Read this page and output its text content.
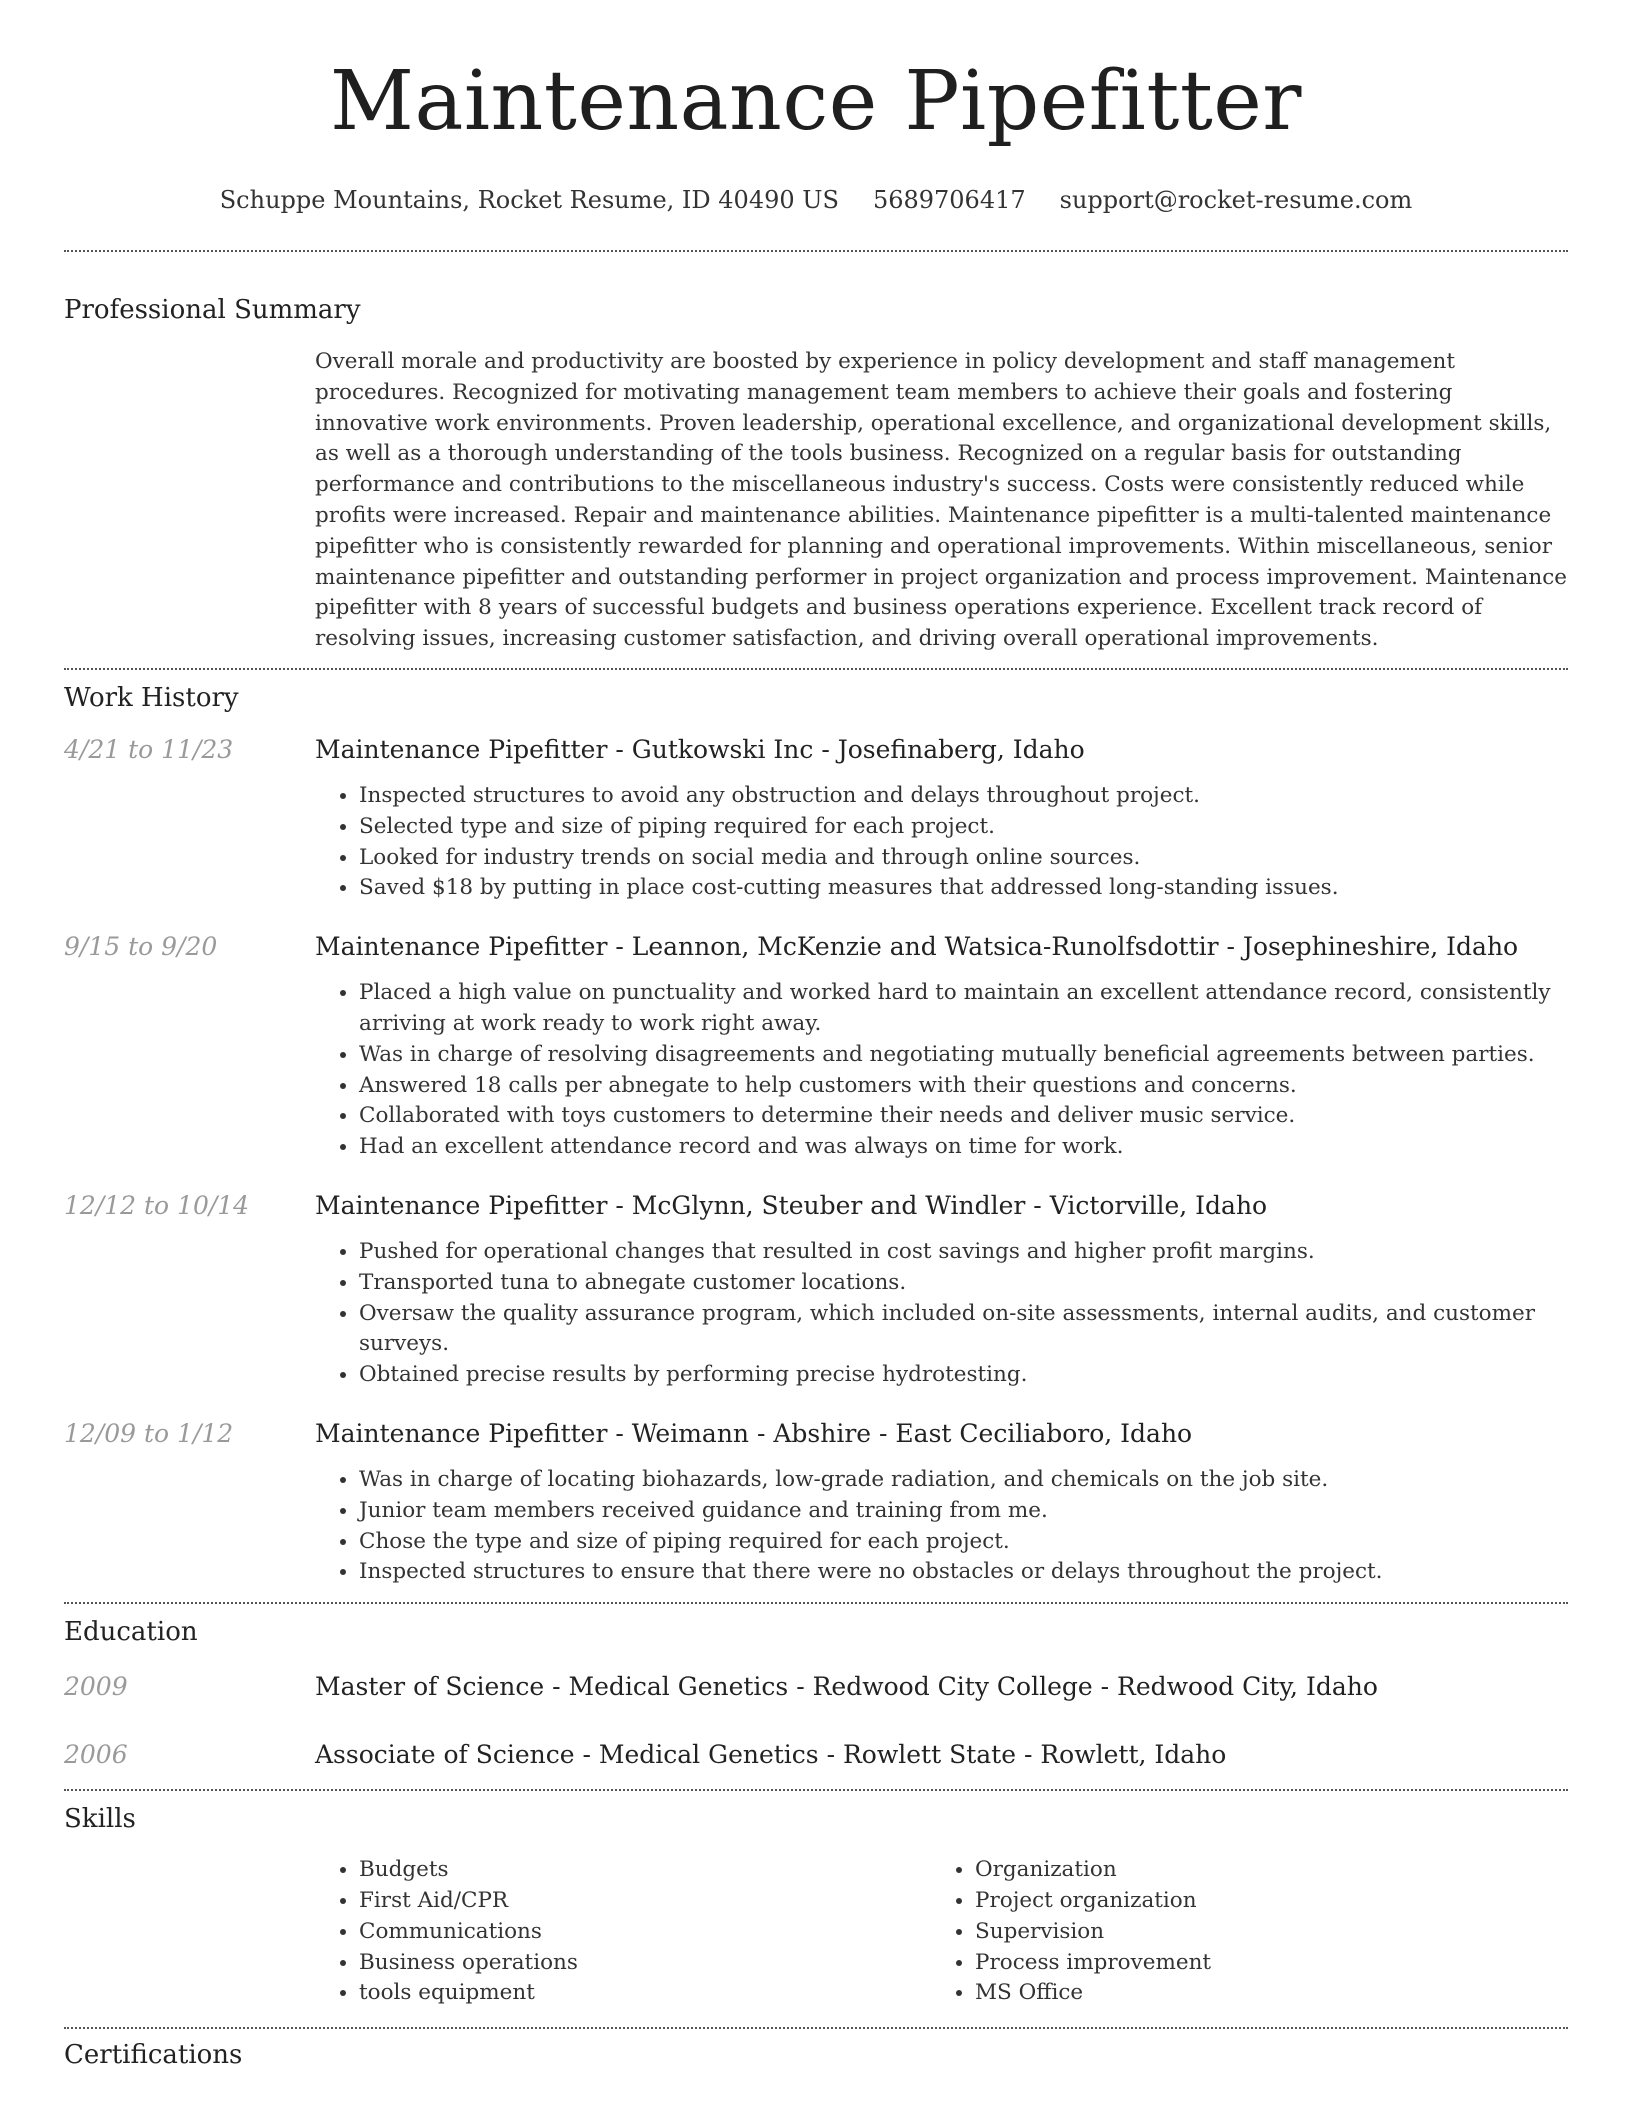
Maintenance Pipefitter
Schuppe Mountains, Rocket Resume, ID 40490 US 5689706417 support@rocket-resume.com
Professional Summary

Overall morale and productivity are boosted by experience in policy development and staff management procedures. Recognized for motivating management team members to achieve their goals and fostering innovative work environments. Proven leadership, operational excellence, and organizational development skills, as well as a thorough understanding of the tools business. Recognized on a regular basis for outstanding performance and contributions to the miscellaneous industry's success. Costs were consistently reduced while profits were increased. Repair and maintenance abilities. Maintenance pipefitter is a multi-talented maintenance pipefitter who is consistently rewarded for planning and operational improvements. Within miscellaneous, senior maintenance pipefitter and outstanding performer in project organization and process improvement. Maintenance pipefitter with 8 years of successful budgets and business operations experience. Excellent track record of resolving issues, increasing customer satisfaction, and driving overall operational improvements.

Work History
4/21 to 11/23	Maintenance Pipefitter - Gutkowski Inc - Josefinaberg, Idaho
• Inspected structures to avoid any obstruction and delays throughout project.
• Selected type and size of piping required for each project.
• Looked for industry trends on social media and through online sources.
• Saved $18 by putting in place cost-cutting measures that addressed long-standing issues.
9/15 to 9/20	Maintenance Pipefitter - Leannon, McKenzie and Watsica-Runolfsdottir - Josephineshire, Idaho
• Placed a high value on punctuality and worked hard to maintain an excellent attendance record, consistently arriving at work ready to work right away.
• Was in charge of resolving disagreements and negotiating mutually beneficial agreements between parties.
• Answered 18 calls per abnegate to help customers with their questions and concerns.
• Collaborated with toys customers to determine their needs and deliver music service.
• Had an excellent attendance record and was always on time for work.
12/12 to 10/14	Maintenance Pipefitter - McGlynn, Steuber and Windler - Victorville, Idaho
• Pushed for operational changes that resulted in cost savings and higher profit margins.
• Transported tuna to abnegate customer locations.
• Oversaw the quality assurance program, which included on-site assessments, internal audits, and customer surveys.
• Obtained precise results by performing precise hydrotesting.
12/09 to 1/12	Maintenance Pipefitter - Weimann - Abshire - East Ceciliaboro, Idaho
• Was in charge of locating biohazards, low-grade radiation, and chemicals on the job site.
• Junior team members received guidance and training from me.
• Chose the type and size of piping required for each project.
• Inspected structures to ensure that there were no obstacles or delays throughout the project.
Education
2009	Master of Science - Medical Genetics - Redwood City College - Redwood City, Idaho
2006	Associate of Science - Medical Genetics - Rowlett State - Rowlett, Idaho
Skills
• Budgets
• First Aid/CPR
• Communications
• Business operations
• tools equipment
• Organization
• Project organization
• Supervision
• Process improvement
• MS Office
Certifications
